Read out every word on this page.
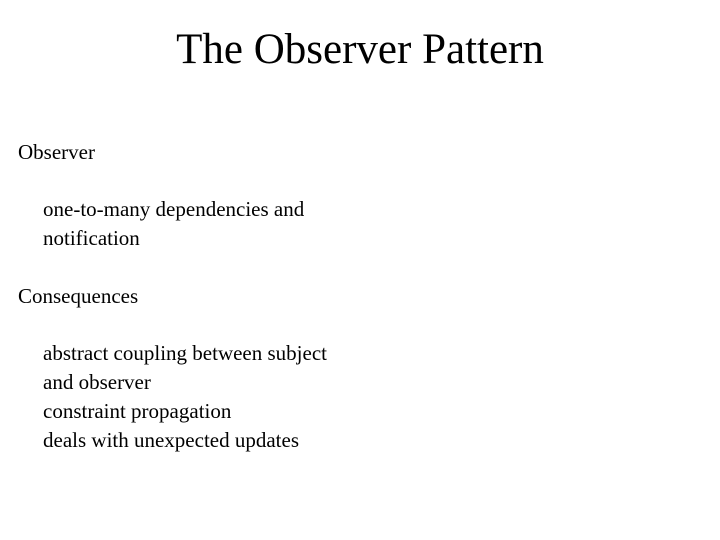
The Observer Pattern
Observer
one-to-many dependencies and
notification
Consequences
abstract coupling between subject
and observer
constraint propagation
deals with unexpected updates
